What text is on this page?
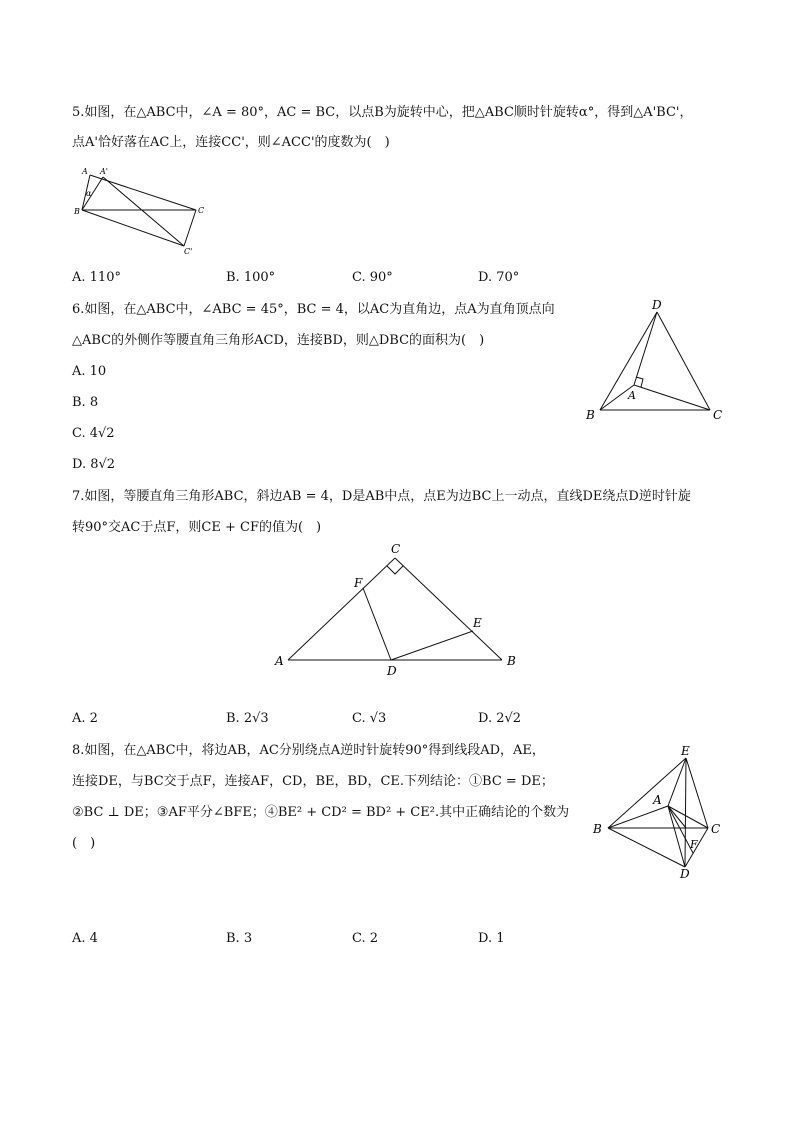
5.如图，在△ABC中，∠A = 80°，AC = BC，以点B为旋转中心，把△ABC顺时针旋转α°，得到△A'BC'，
点A'恰好落在AC上，连接CC'，则∠ACC'的度数为(　)
A A'
α
B	C
C'
A. 110°	B. 100°	C. 90°	D. 70°
6.如图，在△ABC中，∠ABC = 45°，BC = 4，以AC为直角边，点A为直角顶点向
△ABC的外侧作等腰直角三角形ACD，连接BD，则△DBC的面积为(　)
A. 10
B. 8
C. 4√2
D. 8√2
D
A
B	C
7.如图，等腰直角三角形ABC，斜边AB = 4，D是AB中点，点E为边BC上一动点，直线DE绕点D逆时针旋
转90°交AC于点F，则CE + CF的值为(　)
C
F
E
A
D
B
A. 2	B. 2√3	C. √3	D. 2√2
8.如图，在△ABC中，将边AB，AC分别绕点A逆时针旋转90°得到线段AD，AE，
连接DE，与BC交于点F，连接AF，CD，BE，BD，CE.下列结论：①BC = DE；
②BC ⊥ DE；③AF平分∠BFE；④BE² + CD² = BD² + CE².其中正确结论的个数为
(　)
E
A
B	C
F
D
A. 4	B. 3	C. 2	D. 1
